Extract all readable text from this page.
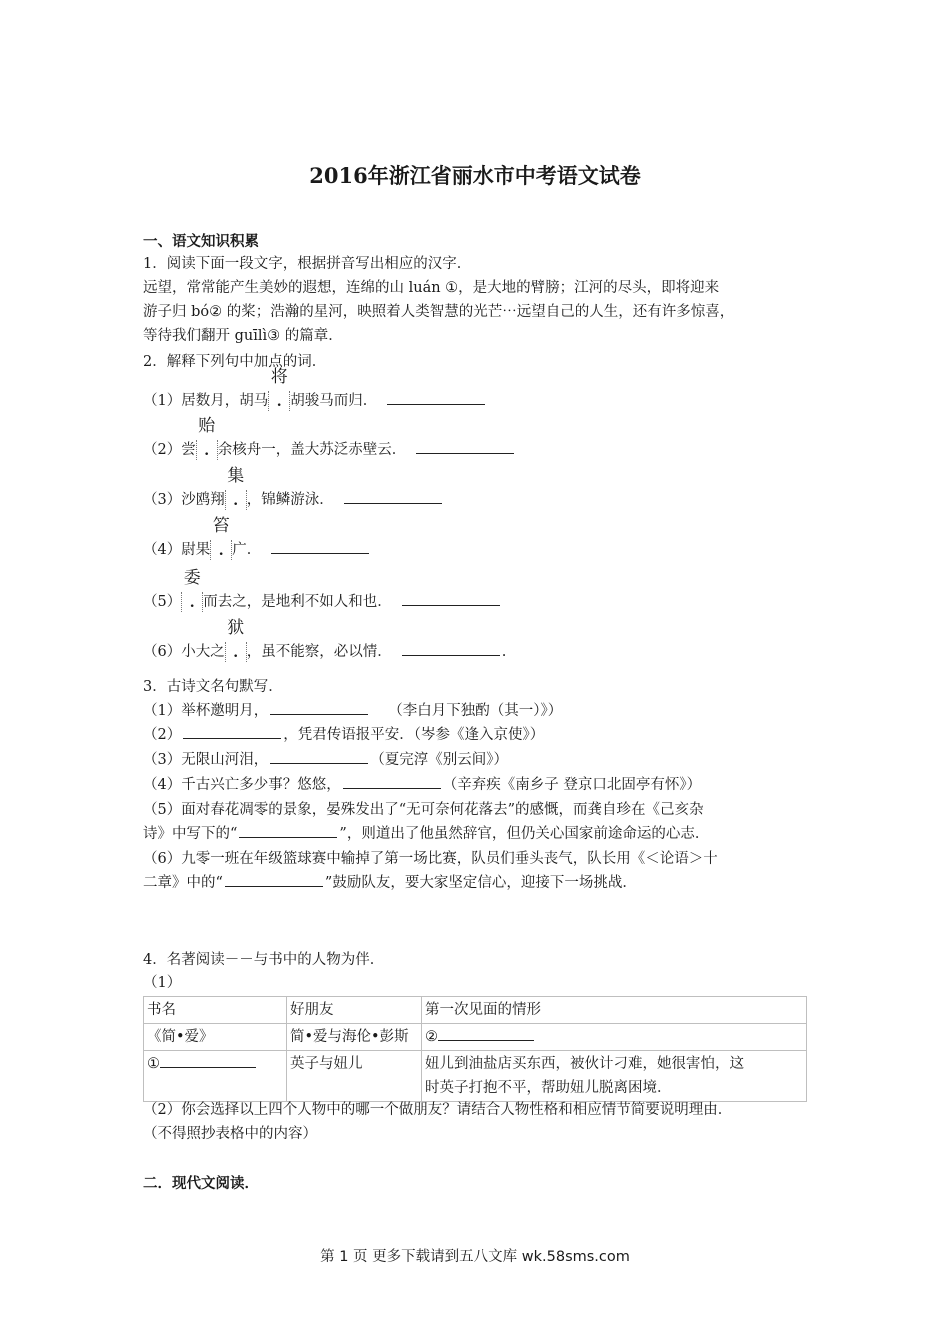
2016年浙江省丽水市中考语文试卷
一、语文知识积累
1．阅读下面一段文字，根据拼音写出相应的汉字．
远望，常常能产生美妙的遐想，连绵的山 luán ①，是大地的臂膀；江河的尽头，即将迎来
游子归 bó② 的桨；浩瀚的星河，映照着人类智慧的光芒⋯远望自己的人生，还有许多惊喜，
等待我们翻开 guīlì③ 的篇章．
2．解释下列句中加点的词．
（1）居数月，胡马
将
. 胡骏马而归．
（2）尝
贻
. 余核舟一，盖大苏泛赤壁云．
（3）沙鸥翔
集
. ，锦鳞游泳．
（4）尉果
笞
. 广．
（5）
委
. 而去之，是地利不如人和也．
（6）小大之
狱
. ，虽不能察，必以情．	.
3．古诗文名句默写．
（1）举杯邀明月，	（李白月下独酌（其一）》）
（2）	，凭君传语报平安．（岑参《逢入京使》）
（3）无限山河泪，	（夏完淳《别云间》）
（4）千古兴亡多少事？悠悠，	（辛弃疾《南乡子 登京口北固亭有怀》）
（5）面对春花凋零的景象，晏殊发出了“无可奈何花落去”的感慨，而龚自珍在《己亥杂
诗》中写下的“	”，则道出了他虽然辞官，但仍关心国家前途命运的心志．
（6）九零一班在年级篮球赛中输掉了第一场比赛，队员们垂头丧气，队长用《＜论语＞十
二章》中的“	”鼓励队友，要大家坚定信心，迎接下一场挑战．
4．名著阅读－－与书中的人物为伴．
（1）
书名	好朋友	第一次见面的情形
《简•爱》	简•爱与海伦•彭斯	②
①	英子与妞儿	妞儿到油盐店买东西，被伙计刁难，她很害怕，这
时英子打抱不平，帮助妞儿脱离困境．
（2）你会选择以上四个人物中的哪一个做朋友？请结合人物性格和相应情节简要说明理由．
（不得照抄表格中的内容）
二．现代文阅读．
第 1 页 更多下载请到五八文库 wk.58sms.com
